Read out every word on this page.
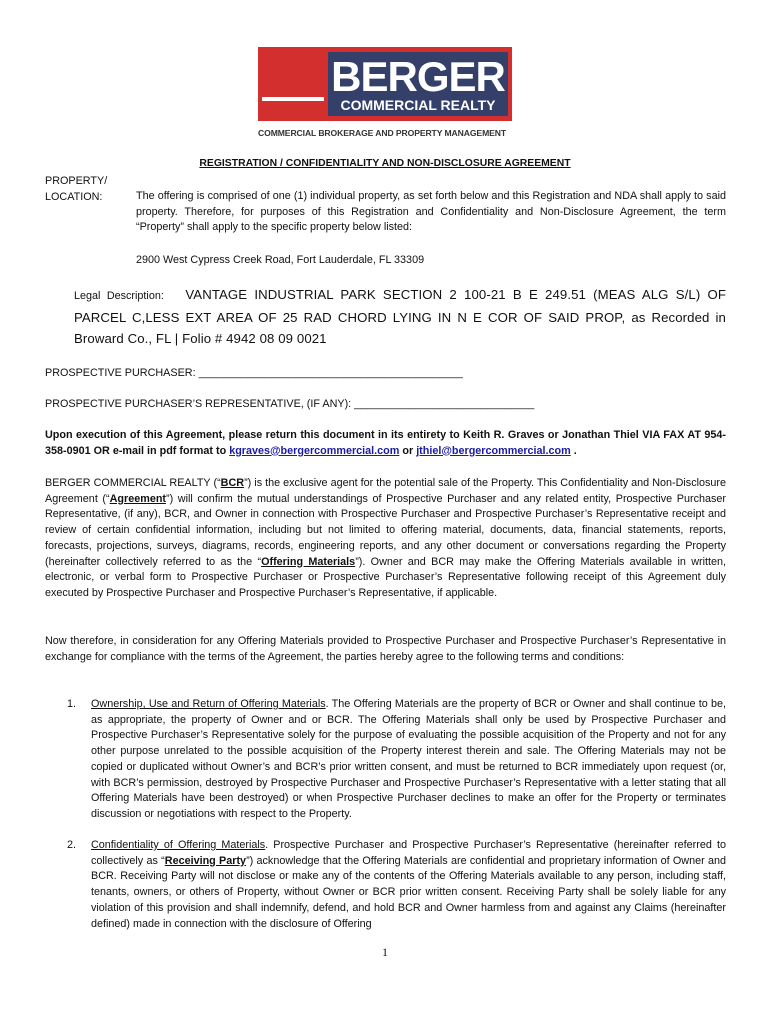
BERGER
COMMERCIAL REALTY
COMMERCIAL BROKERAGE AND PROPERTY MANAGEMENT
REGISTRATION / CONFIDENTIALITY AND NON-DISCLOSURE AGREEMENT
PROPERTY/
LOCATION:	The offering is comprised of one (1) individual property, as set forth below and this Registration and NDA shall apply to said property. Therefore, for purposes of this Registration and Confidentiality and Non-Disclosure Agreement, the term “Property” shall apply to the specific property below listed:
2900 West Cypress Creek Road, Fort Lauderdale, FL 33309
Legal Description: VANTAGE INDUSTRIAL PARK SECTION 2 100-21 B E 249.51 (MEAS ALG S/L) OF PARCEL C,LESS EXT AREA OF 25 RAD CHORD LYING IN N E COR OF SAID PROP, as Recorded in Broward Co., FL | Folio # 4942 08 09 0021
PROSPECTIVE PURCHASER: ____________________________________________
PROSPECTIVE PURCHASER’S REPRESENTATIVE, (IF ANY): ______________________________
Upon execution of this Agreement, please return this document in its entirety to Keith R. Graves or Jonathan Thiel VIA FAX AT 954-358-0901 OR e-mail in pdf format to kgraves@bergercommercial.com or jthiel@bergercommercial.com .
BERGER COMMERCIAL REALTY (“BCR”) is the exclusive agent for the potential sale of the Property. This Confidentiality and Non-Disclosure Agreement (“Agreement”) will confirm the mutual understandings of Prospective Purchaser and any related entity, Prospective Purchaser Representative, (if any), BCR, and Owner in connection with Prospective Purchaser and Prospective Purchaser’s Representative receipt and review of certain confidential information, including but not limited to offering material, documents, data, financial statements, reports, forecasts, projections, surveys, diagrams, records, engineering reports, and any other document or conversations regarding the Property (hereinafter collectively referred to as the “Offering Materials”). Owner and BCR may make the Offering Materials available in written, electronic, or verbal form to Prospective Purchaser or Prospective Purchaser’s Representative following receipt of this Agreement duly executed by Prospective Purchaser and Prospective Purchaser’s Representative, if applicable.
Now therefore, in consideration for any Offering Materials provided to Prospective Purchaser and Prospective Purchaser’s Representative in exchange for compliance with the terms of the Agreement, the parties hereby agree to the following terms and conditions:
1. Ownership, Use and Return of Offering Materials. The Offering Materials are the property of BCR or Owner and shall continue to be, as appropriate, the property of Owner and or BCR. The Offering Materials shall only be used by Prospective Purchaser and Prospective Purchaser’s Representative solely for the purpose of evaluating the possible acquisition of the Property and not for any other purpose unrelated to the possible acquisition of the Property interest therein and sale. The Offering Materials may not be copied or duplicated without Owner’s and BCR’s prior written consent, and must be returned to BCR immediately upon request (or, with BCR’s permission, destroyed by Prospective Purchaser and Prospective Purchaser’s Representative with a letter stating that all Offering Materials have been destroyed) or when Prospective Purchaser declines to make an offer for the Property or terminates discussion or negotiations with respect to the Property.
2. Confidentiality of Offering Materials. Prospective Purchaser and Prospective Purchaser’s Representative (hereinafter referred to collectively as “Receiving Party”) acknowledge that the Offering Materials are confidential and proprietary information of Owner and BCR. Receiving Party will not disclose or make any of the contents of the Offering Materials available to any person, including staff, tenants, owners, or others of Property, without Owner or BCR prior written consent. Receiving Party shall be solely liable for any violation of this provision and shall indemnify, defend, and hold BCR and Owner harmless from and against any Claims (hereinafter defined) made in connection with the disclosure of Offering
1
